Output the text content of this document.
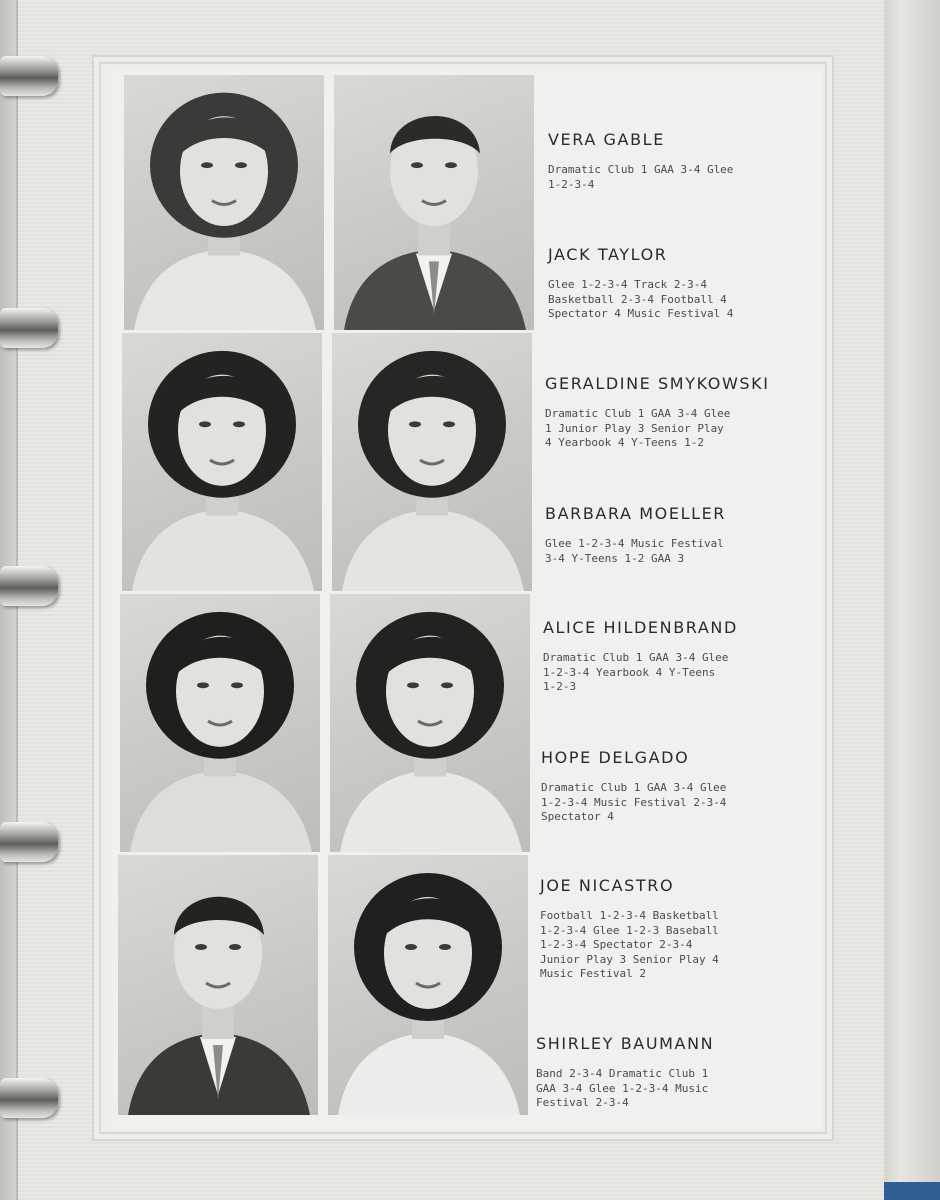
VERA GABLE
Dramatic Club 1 GAA 3-4 Glee
1-2-3-4
JACK TAYLOR
Glee 1-2-3-4 Track 2-3-4
Basketball 2-3-4 Football 4
Spectator 4 Music Festival 4
GERALDINE SMYKOWSKI
Dramatic Club 1 GAA 3-4 Glee
1 Junior Play 3 Senior Play
4 Yearbook 4 Y-Teens 1-2
BARBARA MOELLER
Glee 1-2-3-4 Music Festival
3-4 Y-Teens 1-2 GAA 3
ALICE HILDENBRAND
Dramatic Club 1 GAA 3-4 Glee
1-2-3-4 Yearbook 4 Y-Teens
1-2-3
HOPE DELGADO
Dramatic Club 1 GAA 3-4 Glee
1-2-3-4 Music Festival 2-3-4
Spectator 4
JOE NICASTRO
Football 1-2-3-4 Basketball
1-2-3-4 Glee 1-2-3 Baseball
1-2-3-4 Spectator 2-3-4
Junior Play 3 Senior Play 4
Music Festival 2
SHIRLEY BAUMANN
Band 2-3-4 Dramatic Club 1
GAA 3-4 Glee 1-2-3-4 Music
Festival 2-3-4
